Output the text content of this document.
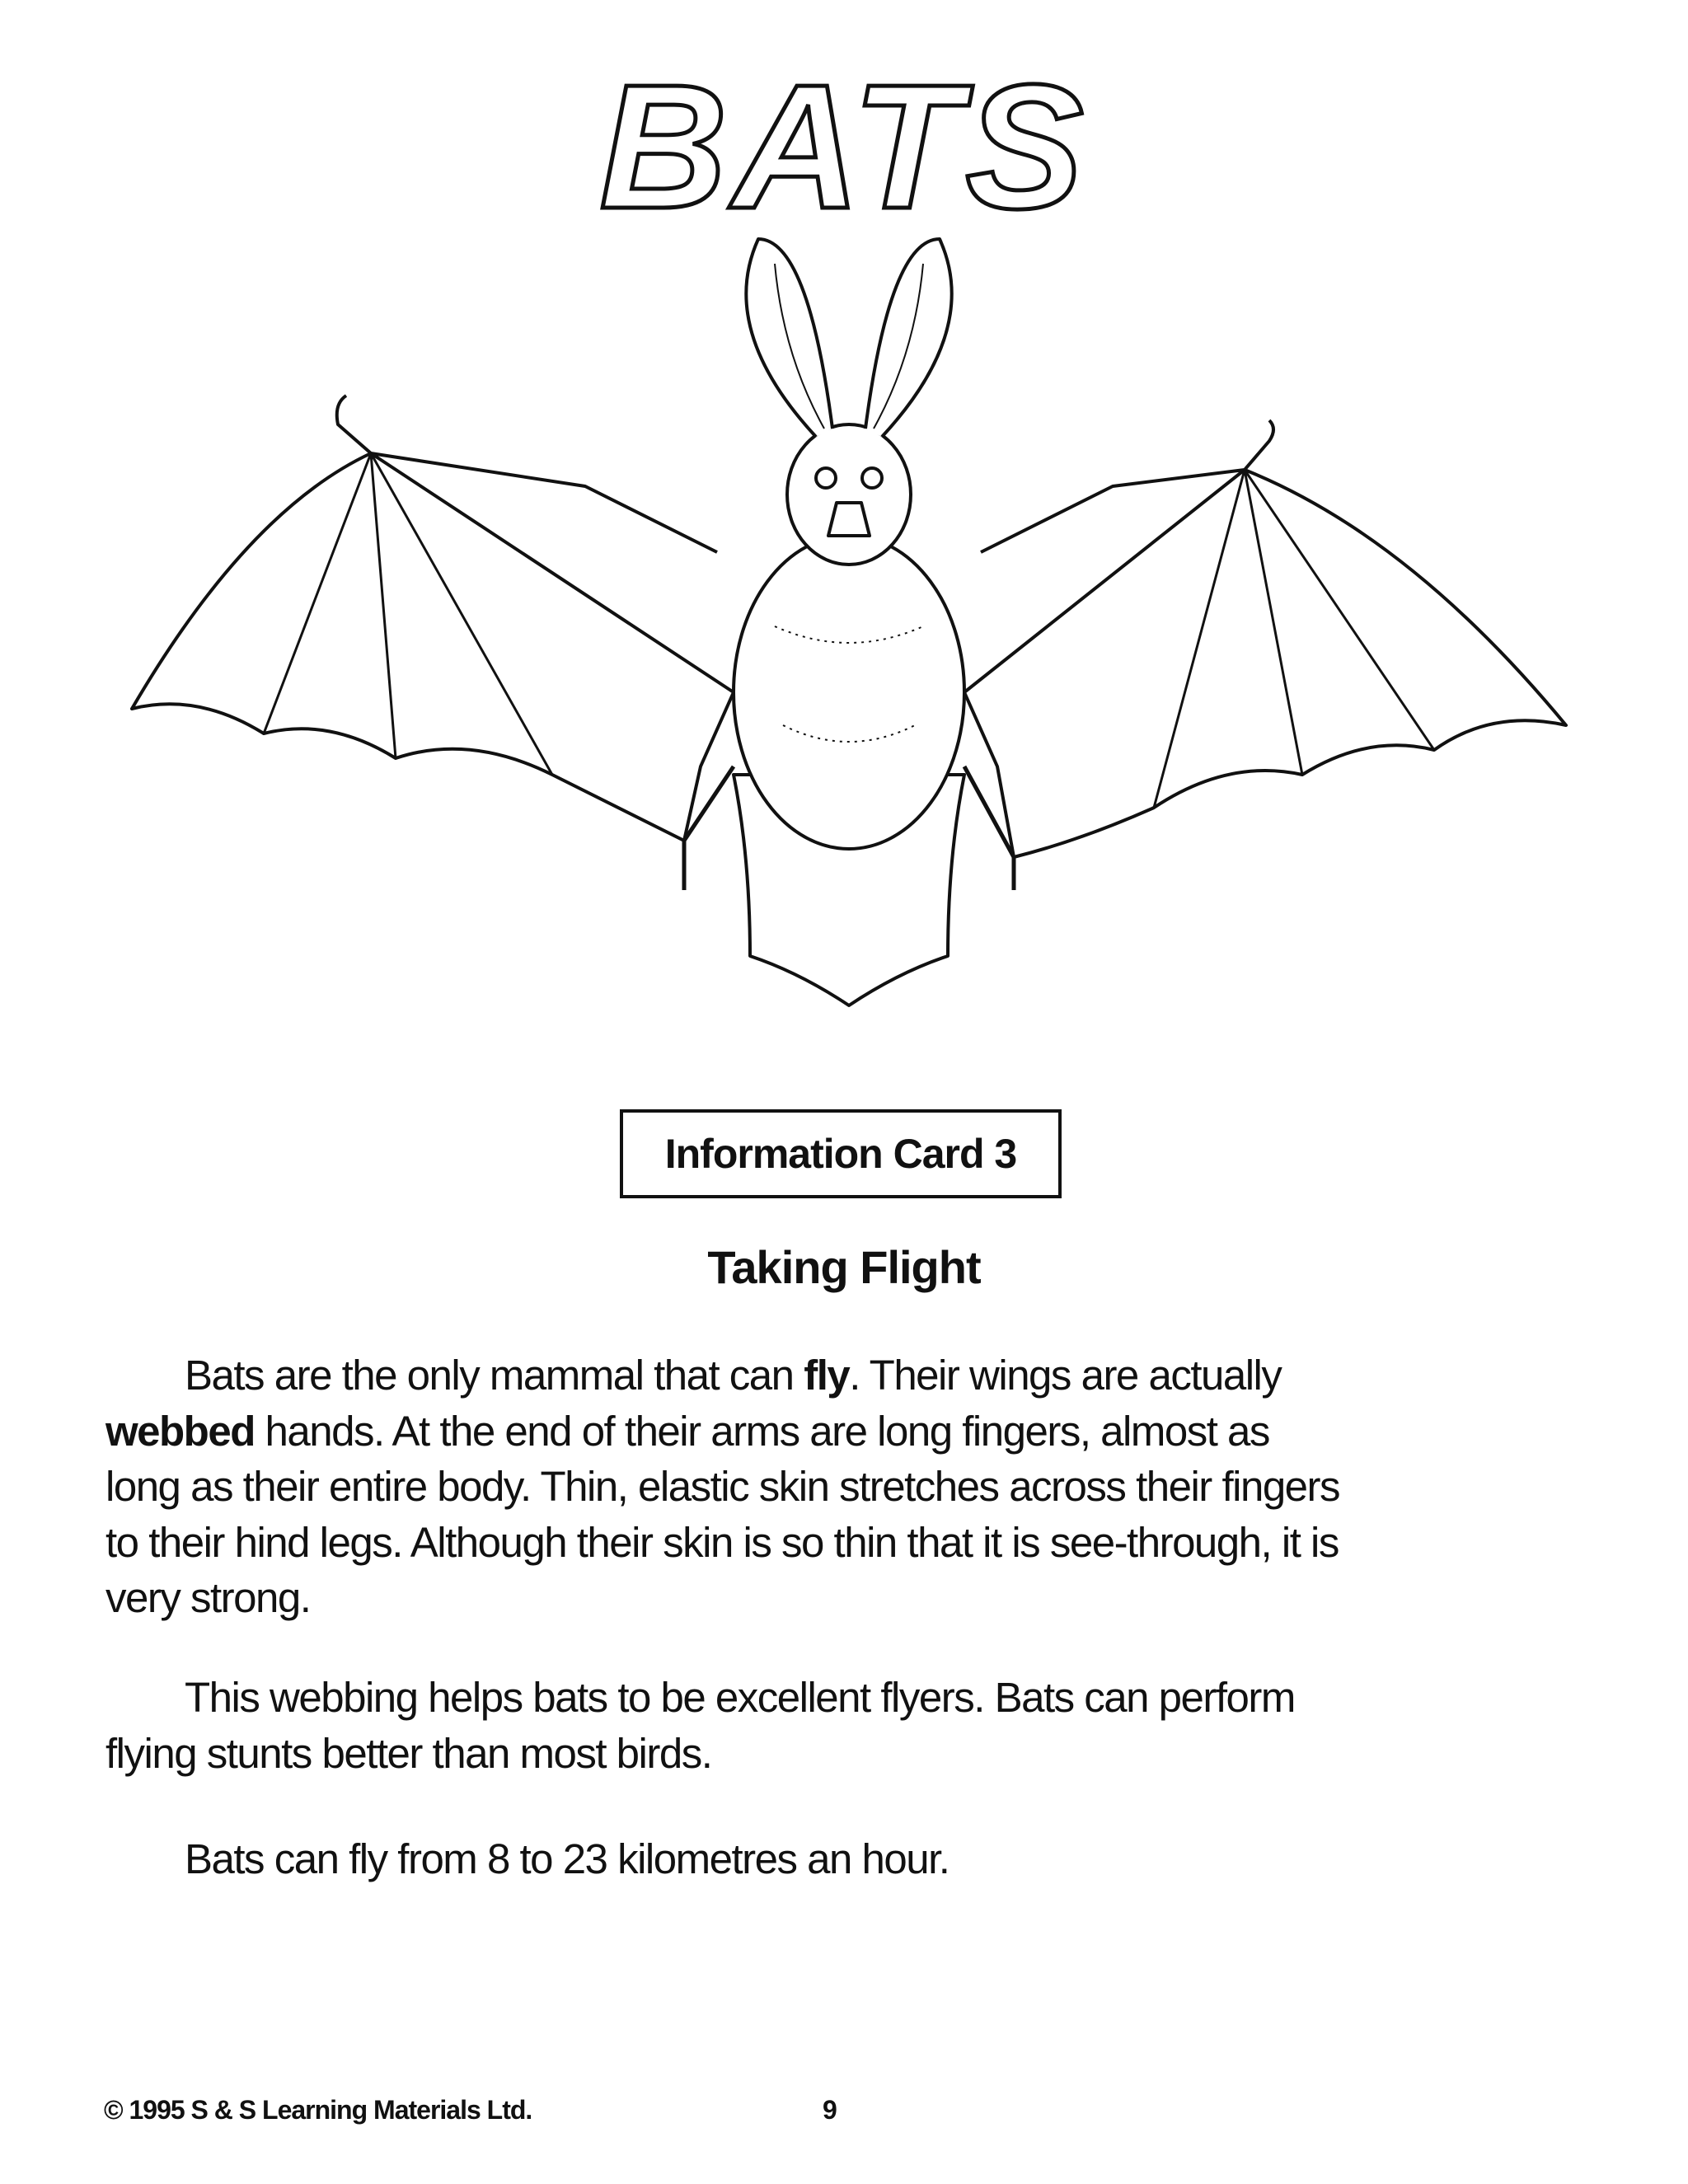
BATS
Information Card 3
Taking Flight
Bats are the only mammal that can fly. Their wings are actually
webbed hands. At the end of their arms are long fingers, almost as
long as their entire body. Thin, elastic skin stretches across their fingers
to their hind legs. Although their skin is so thin that it is see-through, it is
very strong.
This webbing helps bats to be excellent flyers. Bats can perform
flying stunts better than most birds.
Bats can fly from 8 to 23 kilometres an hour.
© 1995 S & S Learning Materials Ltd.	9
